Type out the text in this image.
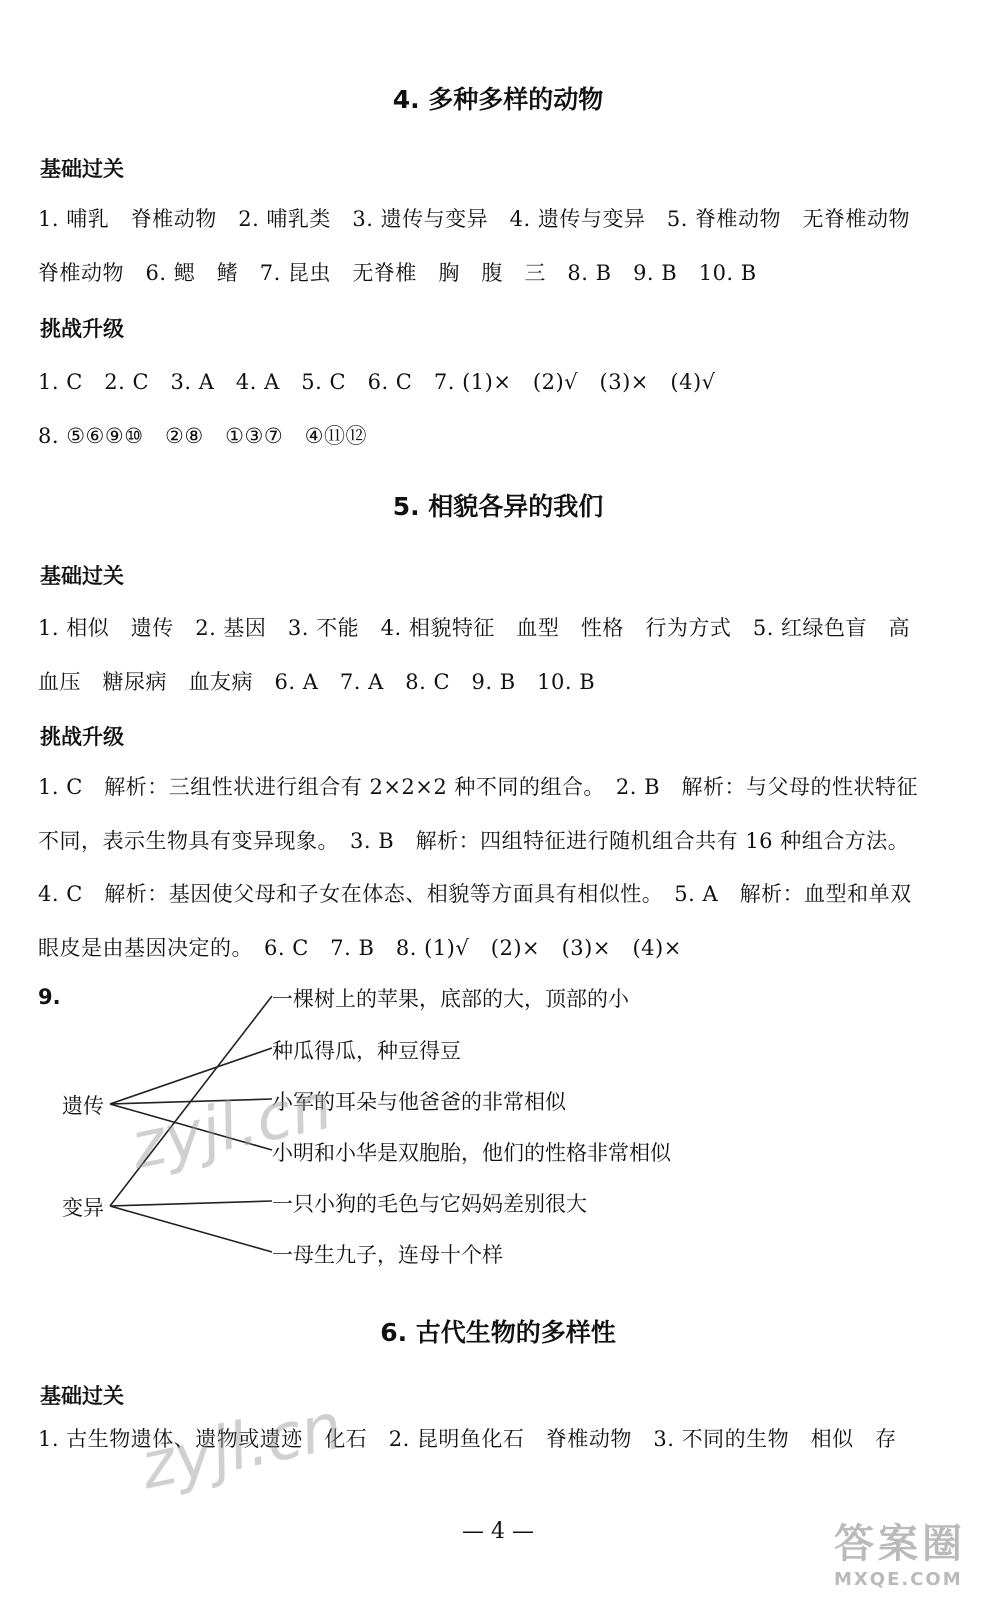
4. 多种多样的动物
基础过关
1. 哺乳　脊椎动物　2. 哺乳类　3. 遗传与变异　4. 遗传与变异　5. 脊椎动物　无脊椎动物
脊椎动物　6. 鳃　鳍　7. 昆虫　无脊椎　胸　腹　三　8. B　9. B　10. B
挑战升级
1. C　2. C　3. A　4. A　5. C　6. C　7. (1)×　(2)√　(3)×　(4)√
8. ⑤⑥⑨⑩　②⑧　①③⑦　④⑪⑫
5. 相貌各异的我们
基础过关
1. 相似　遗传　2. 基因　3. 不能　4. 相貌特征　血型　性格　行为方式　5. 红绿色盲　高
血压　糖尿病　血友病　6. A　7. A　8. C　9. B　10. B
挑战升级
1. C　解析：三组性状进行组合有 2×2×2 种不同的组合。　2. B　解析：与父母的性状特征
不同，表示生物具有变异现象。　3. B　解析：四组特征进行随机组合共有 16 种组合方法。
4. C　解析：基因使父母和子女在体态、相貌等方面具有相似性。　5. A　解析：血型和单双
眼皮是由基因决定的。　6. C　7. B　8. (1)√　(2)×　(3)×　(4)×
9.
遗传
变异
一棵树上的苹果，底部的大，顶部的小
种瓜得瓜，种豆得豆
小军的耳朵与他爸爸的非常相似
小明和小华是双胞胎，他们的性格非常相似
一只小狗的毛色与它妈妈差别很大
一母生九子，连母十个样
6. 古代生物的多样性
基础过关
1. 古生物遗体、遗物或遗迹　化石　2. 昆明鱼化石　脊椎动物　3. 不同的生物　相似　存
— 4 —
zyjl.cn
zyjl.cn
答案圈
MXQE.COM
